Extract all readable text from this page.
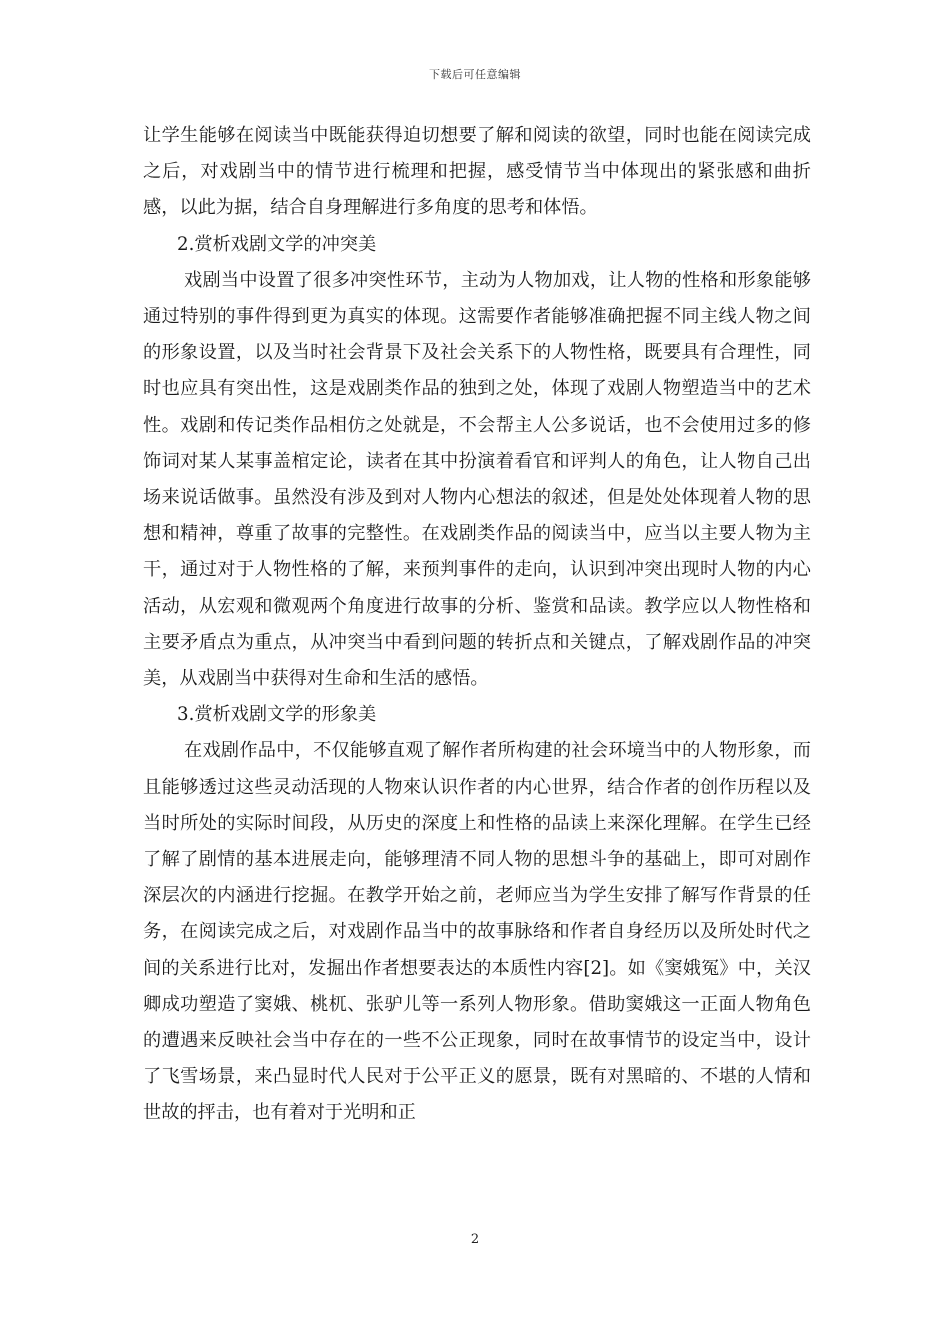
下载后可任意编辑

让学生能够在阅读当中既能获得迫切想要了解和阅读的欲望，同时也能在阅读完成之后，对戏剧当中的情节进行梳理和把握，感受情节当中体现出的紧张感和曲折感，以此为据，结合自身理解进行多角度的思考和体悟。

2.赏析戏剧文学的冲突美

戏剧当中设置了很多冲突性环节，主动为人物加戏，让人物的性格和形象能够通过特别的事件得到更为真实的体现。这需要作者能够准确把握不同主线人物之间的形象设置，以及当时社会背景下及社会关系下的人物性格，既要具有合理性，同时也应具有突出性，这是戏剧类作品的独到之处，体现了戏剧人物塑造当中的艺术性。戏剧和传记类作品相仿之处就是，不会帮主人公多说话，也不会使用过多的修饰词对某人某事盖棺定论，读者在其中扮演着看官和评判人的角色，让人物自己出场来说话做事。虽然没有涉及到对人物内心想法的叙述，但是处处体现着人物的思想和精神，尊重了故事的完整性。在戏剧类作品的阅读当中，应当以主要人物为主干，通过对于人物性格的了解，来预判事件的走向，认识到冲突出现时人物的内心活动，从宏观和微观两个角度进行故事的分析、鉴赏和品读。教学应以人物性格和主要矛盾点为重点，从冲突当中看到问题的转折点和关键点，了解戏剧作品的冲突美，从戏剧当中获得对生命和生活的感悟。

3.赏析戏剧文学的形象美

在戏剧作品中，不仅能够直观了解作者所构建的社会环境当中的人物形象，而且能够透过这些灵动活现的人物來认识作者的内心世界，结合作者的创作历程以及当时所处的实际时间段，从历史的深度上和性格的品读上来深化理解。在学生已经了解了剧情的基本进展走向，能够理清不同人物的思想斗争的基础上，即可对剧作深层次的内涵进行挖掘。在教学开始之前，老师应当为学生安排了解写作背景的任务，在阅读完成之后，对戏剧作品当中的故事脉络和作者自身经历以及所处时代之间的关系进行比对，发掘出作者想要表达的本质性内容[2]。如《窦娥冤》中，关汉卿成功塑造了窦娥、桃杌、张驴儿等一系列人物形象。借助窦娥这一正面人物角色的遭遇来反映社会当中存在的一些不公正现象，同时在故事情节的设定当中，设计了飞雪场景，来凸显时代人民对于公平正义的愿景，既有对黑暗的、不堪的人情和世故的抨击，也有着对于光明和正

2
